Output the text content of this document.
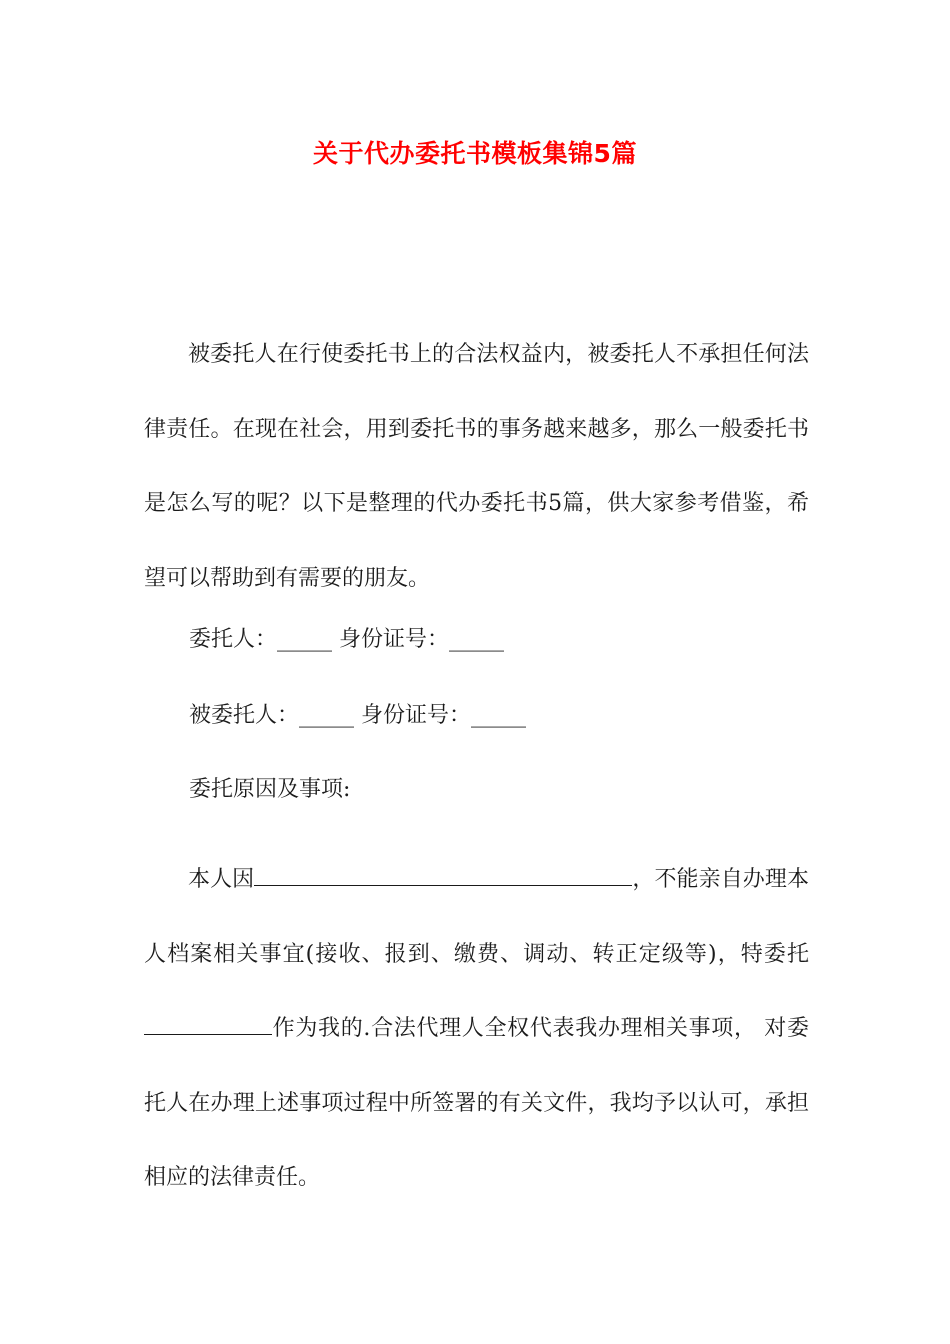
关于代办委托书模板集锦5篇

被委托人在行使委托书上的合法权益内，被委托人不承担任何法律责任。在现在社会，用到委托书的事务越来越多，那么一般委托书是怎么写的呢？以下是整理的代办委托书5篇，供大家参考借鉴，希望可以帮助到有需要的朋友。

委托人：_____ 身份证号：_____

被委托人：_____ 身份证号：_____

委托原因及事项:

本人因	，不能亲自办理本人档案相关事宜(接收、报到、缴费、调动、转正定级等)，特委托作为我的.合法代理人全权代表我办理相关事项， 对委托人在办理上述事项过程中所签署的有关文件，我均予以认可，承担相应的法律责任。
